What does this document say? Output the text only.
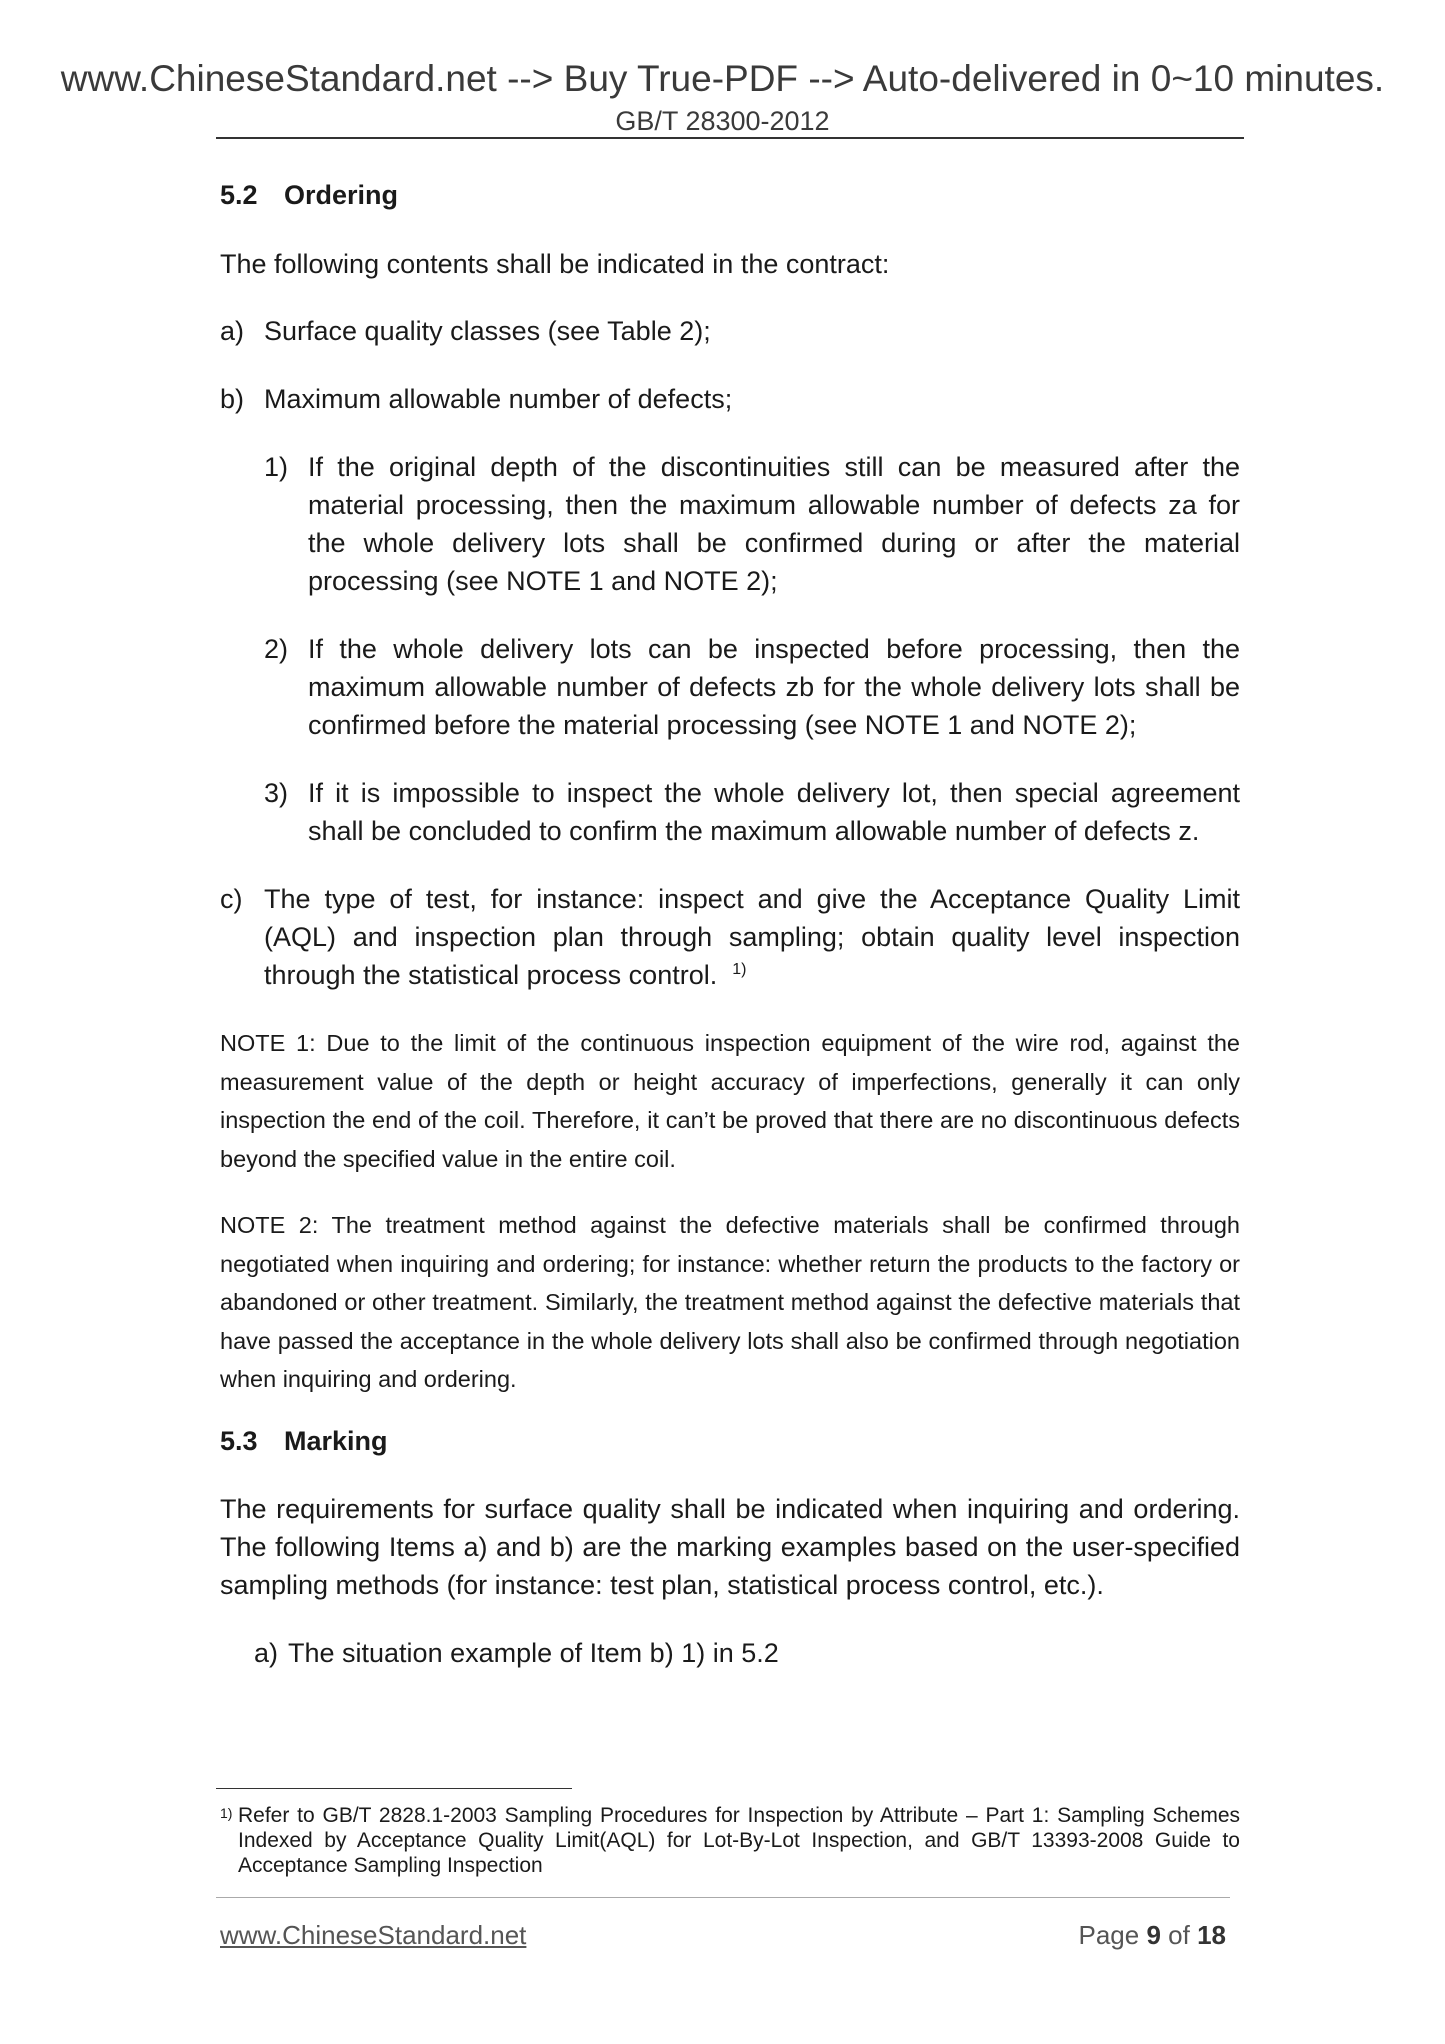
www.ChineseStandard.net --> Buy True-PDF --> Auto-delivered in 0~10 minutes.
GB/T 28300-2012
5.2 Ordering
The following contents shall be indicated in the contract:
a) Surface quality classes (see Table 2);
b) Maximum allowable number of defects;
1) If the original depth of the discontinuities still can be measured after the material processing, then the maximum allowable number of defects za for the whole delivery lots shall be confirmed during or after the material processing (see NOTE 1 and NOTE 2);
2) If the whole delivery lots can be inspected before processing, then the maximum allowable number of defects zb for the whole delivery lots shall be confirmed before the material processing (see NOTE 1 and NOTE 2);
3) If it is impossible to inspect the whole delivery lot, then special agreement shall be concluded to confirm the maximum allowable number of defects z.
c) The type of test, for instance: inspect and give the Acceptance Quality Limit (AQL) and inspection plan through sampling; obtain quality level inspection through the statistical process control. $^{1)}$
NOTE 1: Due to the limit of the continuous inspection equipment of the wire rod, against the measurement value of the depth or height accuracy of imperfections, generally it can only inspection the end of the coil. Therefore, it can’t be proved that there are no discontinuous defects beyond the specified value in the entire coil.
NOTE 2: The treatment method against the defective materials shall be confirmed through negotiated when inquiring and ordering; for instance: whether return the products to the factory or abandoned or other treatment. Similarly, the treatment method against the defective materials that have passed the acceptance in the whole delivery lots shall also be confirmed through negotiation when inquiring and ordering.
5.3 Marking
The requirements for surface quality shall be indicated when inquiring and ordering. The following Items a) and b) are the marking examples based on the user-specified sampling methods (for instance: test plan, statistical process control, etc.).
a) The situation example of Item b) 1) in 5.2
1) Refer to GB/T 2828.1-2003 Sampling Procedures for Inspection by Attribute – Part 1: Sampling Schemes Indexed by Acceptance Quality Limit(AQL) for Lot-By-Lot Inspection, and GB/T 13393-2008 Guide to Acceptance Sampling Inspection
www.ChineseStandard.net	Page 9 of 18
